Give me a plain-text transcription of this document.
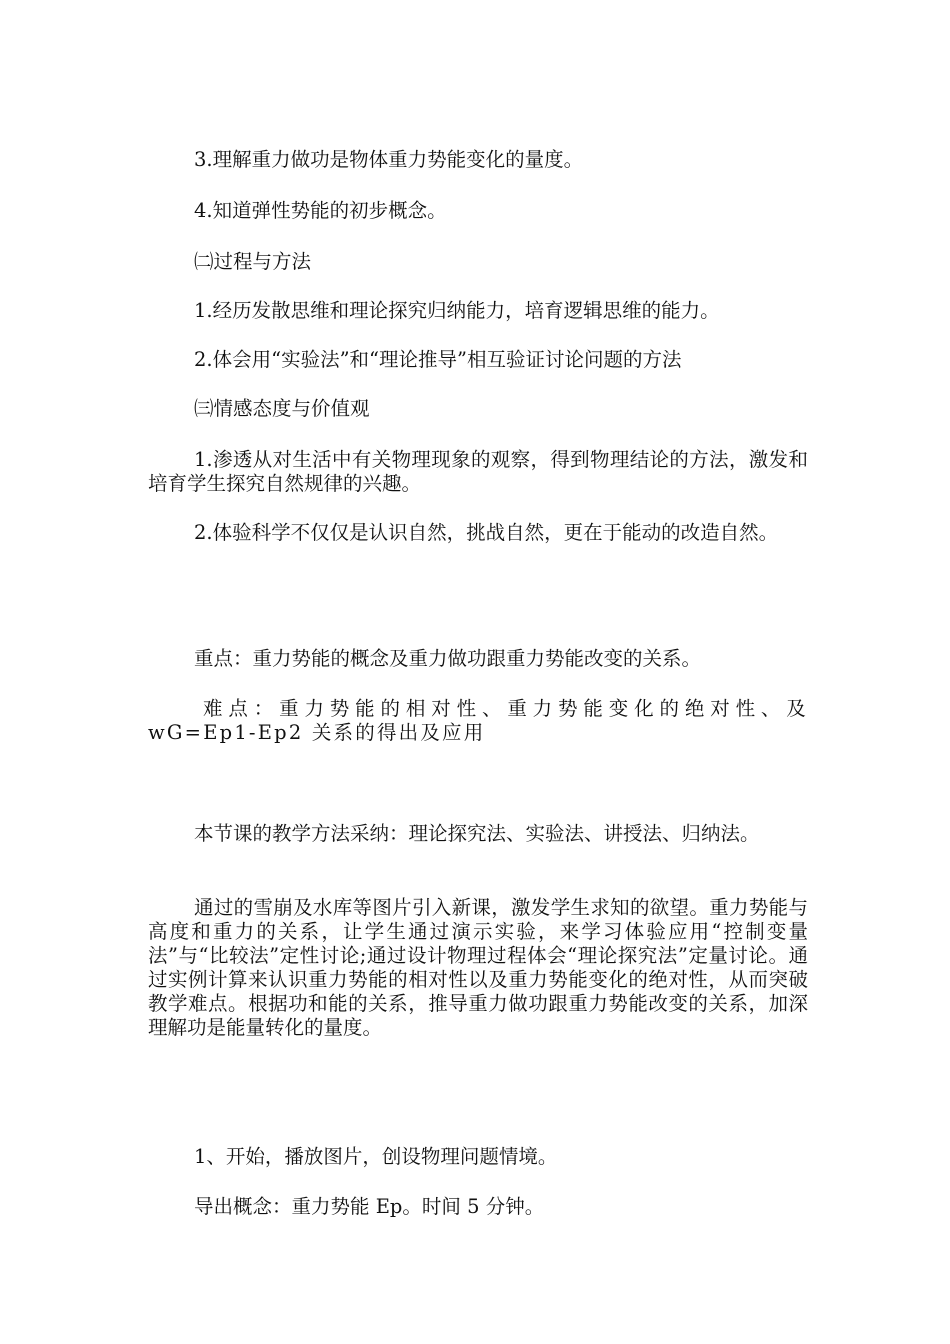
3.理解重力做功是物体重力势能变化的量度。

4.知道弹性势能的初步概念。

㈡过程与方法

1.经历发散思维和理论探究归纳能力，培育逻辑思维的能力。

2.体会用“实验法”和“理论推导”相互验证讨论问题的方法

㈢情感态度与价值观

1.渗透从对生活中有关物理现象的观察，得到物理结论的方法，激发和培育学生探究自然规律的兴趣。

2.体验科学不仅仅是认识自然，挑战自然，更在于能动的改造自然。

重点：重力势能的概念及重力做功跟重力势能改变的关系。

难点：重力势能的相对性、重力势能变化的绝对性、及 wG=Ep1-Ep2 关系的得出及应用

本节课的教学方法采纳：理论探究法、实验法、讲授法、归纳法。

通过的雪崩及水库等图片引入新课，激发学生求知的欲望。重力势能与高度和重力的关系，让学生通过演示实验，来学习体验应用“控制变量法”与“比较法”定性讨论;通过设计物理过程体会“理论探究法”定量讨论。通过实例计算来认识重力势能的相对性以及重力势能变化的绝对性，从而突破教学难点。根据功和能的关系，推导重力做功跟重力势能改变的关系，加深理解功是能量转化的量度。

1、开始，播放图片，创设物理问题情境。

导出概念：重力势能 Ep。时间 5 分钟。
